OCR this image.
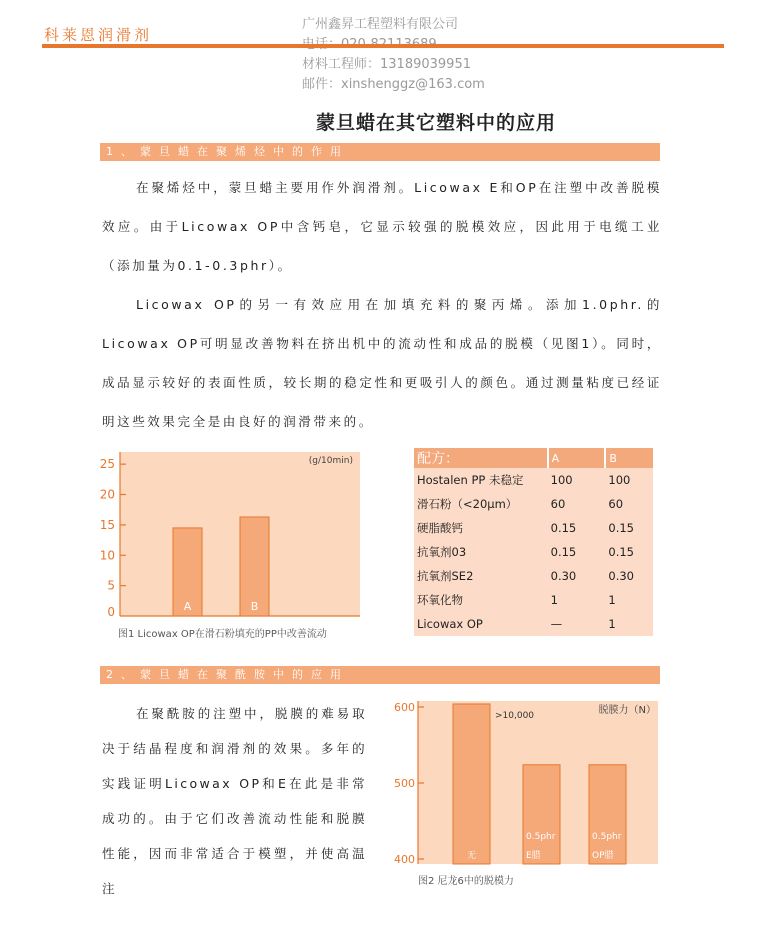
科莱恩润滑剂
广州鑫昇工程塑料有限公司
材料工程师：13189039951
邮件：xinshenggz@163.com
蒙旦蜡在其它塑料中的应用
1、蒙旦蜡在聚烯烃中的作用

在聚烯烃中，蒙旦蜡主要用作外润滑剂。Licowax E和OP在注塑中改善脱模效应。由于Licowax OP中含钙皂，它显示较强的脱模效应，因此用于电缆工业（添加量为0.1-0.3phr）。

Licowax OP的另一有效应用在加填充料的聚丙烯。添加1.0phr.的Licowax OP可明显改善物料在挤出机中的流动性和成品的脱模（见图1）。同时，成品显示较好的表面性质，较长期的稳定性和更吸引人的颜色。通过测量粘度已经证明这些效果完全是由良好的润滑带来的。

25
20
15
10
5
0	A	B
(g/10min)
图1 Licowax OP在滑石粉填充的PP中改善流动
配方：	A	B
Hostalen PP 未稳定	100	100
滑石粉（<20μm）	60	60
硬脂酸钙	0.15	0.15
抗氧剂03	0.15	0.15
抗氧剂SE2	0.30	0.30
环氧化物	1	1
Licowax OP	—	1
2、蒙旦蜡在聚酰胺中的应用

在聚酰胺的注塑中，脱膜的难易取决于结晶程度和润滑剂的效果。多年的实践证明Licowax OP和E在此是非常成功的。由于它们改善流动性能和脱膜性能，因而非常适合于模塑，并使高温注

600
500
400	无
0.5phr
E腊
0.5phr
OP腊
>10,000	脱膜力（N）
图2 尼龙6中的脱模力
